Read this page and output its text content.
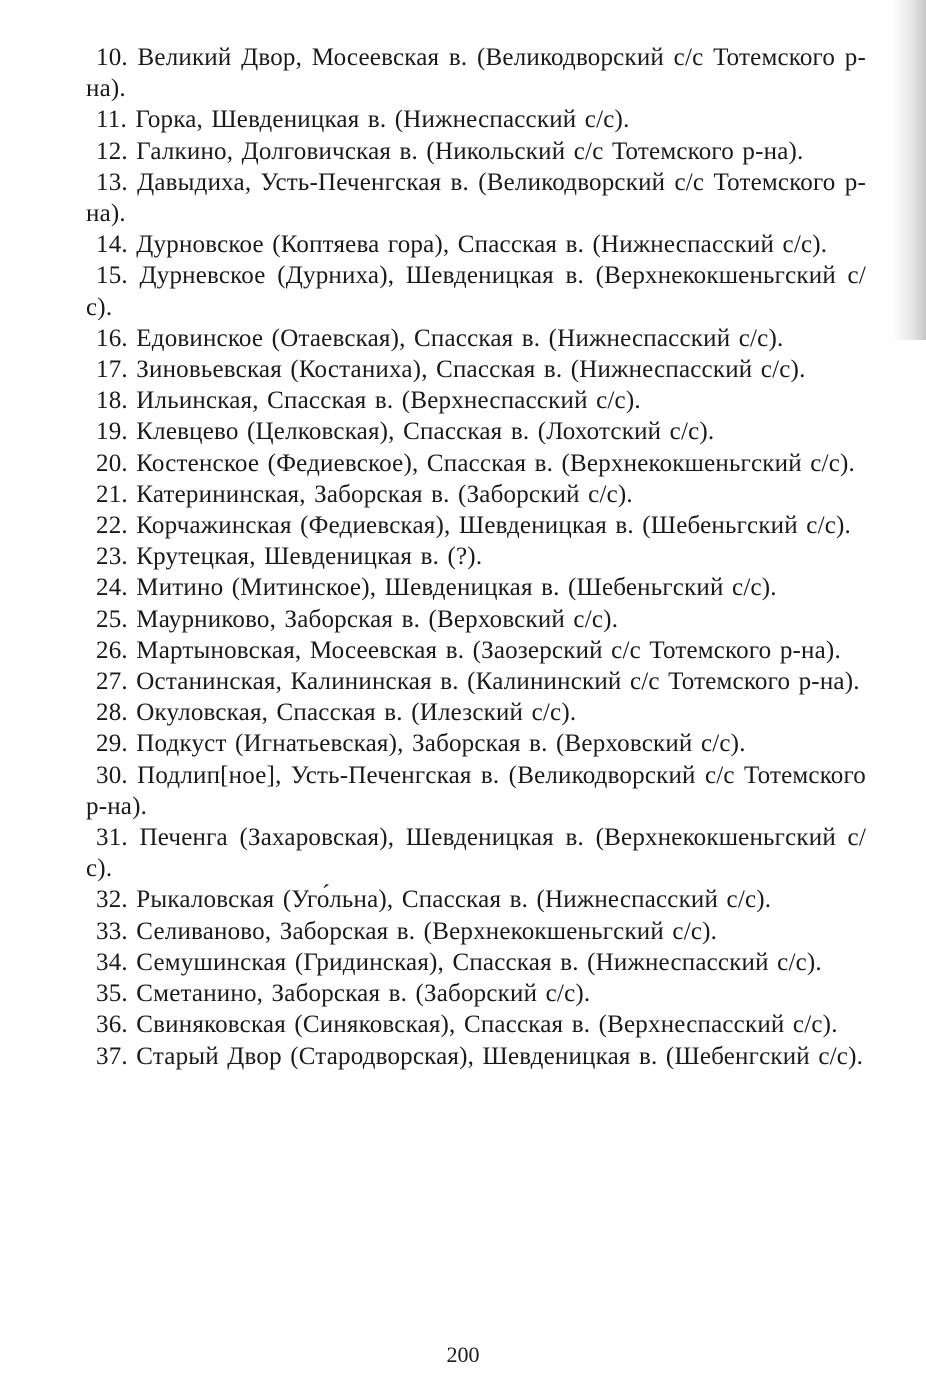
10. Великий Двор, Мосеевская в. (Великодворский с/с Тотемского р-на).

11. Горка, Шевденицкая в. (Нижнеспасский с/с).

12. Галкино, Долговичская в. (Никольский с/с Тотемского р-на).

13. Давыдиха, Усть-Печенгская в. (Великодворский с/с Тотемского р-на).

14. Дурновское (Коптяева гора), Спасская в. (Нижнеспасский с/с).

15. Дурневское (Дурниха), Шевденицкая в. (Верхнекокшеньгский с/с).

16. Едовинское (Отаевская), Спасская в. (Нижнеспасский с/с).

17. Зиновьевская (Костаниха), Спасская в. (Нижнеспасский с/с).

18. Ильинская, Спасская в. (Верхнеспасский с/с).

19. Клевцево (Целковская), Спасская в. (Лохотский с/с).

20. Костенское (Федиевское), Спасская в. (Верхнекокшеньгский с/с).

21. Катерининская, Заборская в. (Заборский с/с).

22. Корчажинская (Федиевская), Шевденицкая в. (Шебеньгский с/с).

23. Крутецкая, Шевденицкая в. (?).

24. Митино (Митинское), Шевденицкая в. (Шебеньгский с/с).

25. Маурниково, Заборская в. (Верховский с/с).

26. Мартыновская, Мосеевская в. (Заозерский с/с Тотемского р-на).

27. Останинская, Калининская в. (Калининский с/с Тотемского р-на).

28. Окуловская, Спасская в. (Илезский с/с).

29. Подкуст (Игнатьевская), Заборская в. (Верховский с/с).

30. Подлип[ное], Усть-Печенгская в. (Великодворский с/с Тотемского р-на).

31. Печенга (Захаровская), Шевденицкая в. (Верхнекокшеньгский с/с).

32. Рыкаловская (Уго́льна), Спасская в. (Нижнеспасский с/с).

33. Селиваново, Заборская в. (Верхнекокшеньгский с/с).

34. Семушинская (Гридинская), Спасская в. (Нижнеспасский с/с).

35. Сметанино, Заборская в. (Заборский с/с).

36. Свиняковская (Синяковская), Спасская в. (Верхнеспасский с/с).

37. Старый Двор (Стародворская), Шевденицкая в. (Шебенгский с/с).

200
